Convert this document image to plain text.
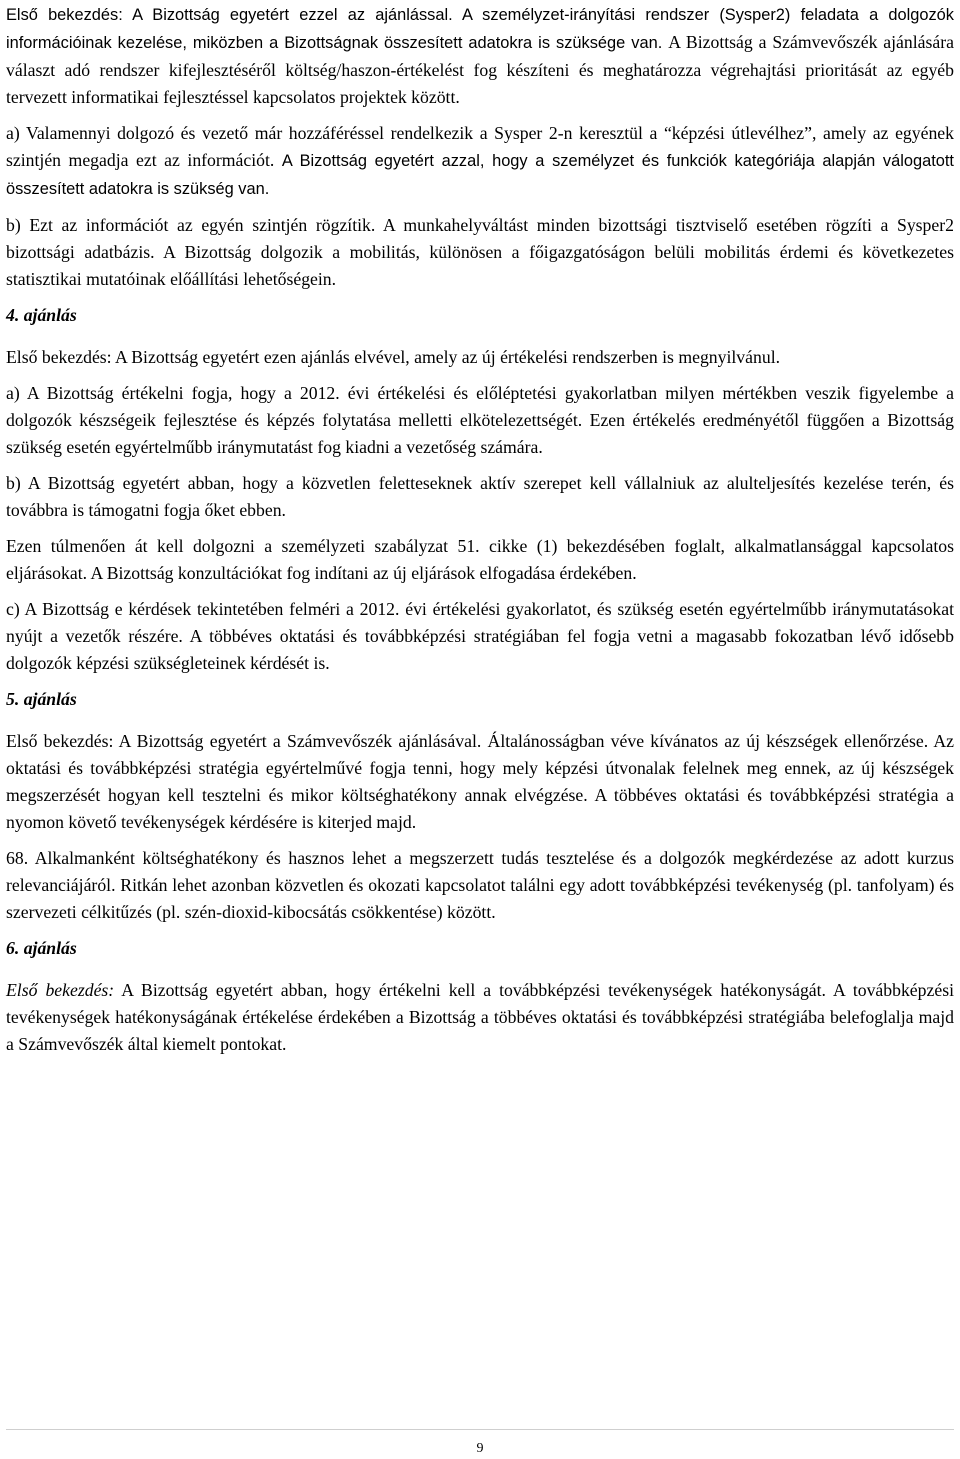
Első bekezdés: A Bizottság egyetért ezzel az ajánlással. A személyzet-irányítási rendszer (Sysper2) feladata a dolgozók információinak kezelése, miközben a Bizottságnak összesített adatokra is szüksége van. A Bizottság a Számvevőszék ajánlására választ adó rendszer kifejlesztéséről költség/haszon-értékelést fog készíteni és meghatározza végrehajtási prioritását az egyéb tervezett informatikai fejlesztéssel kapcsolatos projektek között.

a) Valamennyi dolgozó és vezető már hozzáféréssel rendelkezik a Sysper 2-n keresztül a “képzési útlevélhez”, amely az egyének szintjén megadja ezt az információt. A Bizottság egyetért azzal, hogy a személyzet és funkciók kategóriája alapján válogatott összesített adatokra is szükség van.

b) Ezt az információt az egyén szintjén rögzítik. A munkahelyváltást minden bizottsági tisztviselő esetében rögzíti a Sysper2 bizottsági adatbázis. A Bizottság dolgozik a mobilitás, különösen a főigazgatóságon belüli mobilitás érdemi és következetes statisztikai mutatóinak előállítási lehetőségein.

4. ajánlás

Első bekezdés: A Bizottság egyetért ezen ajánlás elvével, amely az új értékelési rendszerben is megnyilvánul.

a) A Bizottság értékelni fogja, hogy a 2012. évi értékelési és előléptetési gyakorlatban milyen mértékben veszik figyelembe a dolgozók készségeik fejlesztése és képzés folytatása melletti elkötelezettségét. Ezen értékelés eredményétől függően a Bizottság szükség esetén egyértelműbb iránymutatást fog kiadni a vezetőség számára.

b) A Bizottság egyetért abban, hogy a közvetlen feletteseknek aktív szerepet kell vállalniuk az alulteljesítés kezelése terén, és továbbra is támogatni fogja őket ebben.

Ezen túlmenően át kell dolgozni a személyzeti szabályzat 51. cikke (1) bekezdésében foglalt, alkalmatlansággal kapcsolatos eljárásokat. A Bizottság konzultációkat fog indítani az új eljárások elfogadása érdekében.

c) A Bizottság e kérdések tekintetében felméri a 2012. évi értékelési gyakorlatot, és szükség esetén egyértelműbb iránymutatásokat nyújt a vezetők részére. A többéves oktatási és továbbképzési stratégiában fel fogja vetni a magasabb fokozatban lévő idősebb dolgozók képzési szükségleteinek kérdését is.

5. ajánlás

Első bekezdés: A Bizottság egyetért a Számvevőszék ajánlásával. Általánosságban véve kívánatos az új készségek ellenőrzése. Az oktatási és továbbképzési stratégia egyértelművé fogja tenni, hogy mely képzési útvonalak felelnek meg ennek, az új készségek megszerzését hogyan kell tesztelni és mikor költséghatékony annak elvégzése. A többéves oktatási és továbbképzési stratégia a nyomon követő tevékenységek kérdésére is kiterjed majd.

68. Alkalmanként költséghatékony és hasznos lehet a megszerzett tudás tesztelése és a dolgozók megkérdezése az adott kurzus relevanciájáról. Ritkán lehet azonban közvetlen és okozati kapcsolatot találni egy adott továbbképzési tevékenység (pl. tanfolyam) és szervezeti célkitűzés (pl. szén-dioxid-kibocsátás csökkentése) között.

6. ajánlás

Első bekezdés: A Bizottság egyetért abban, hogy értékelni kell a továbbképzési tevékenységek hatékonyságát. A továbbképzési tevékenységek hatékonyságának értékelése érdekében a Bizottság a többéves oktatási és továbbképzési stratégiába belefoglalja majd a Számvevőszék által kiemelt pontokat.

9
